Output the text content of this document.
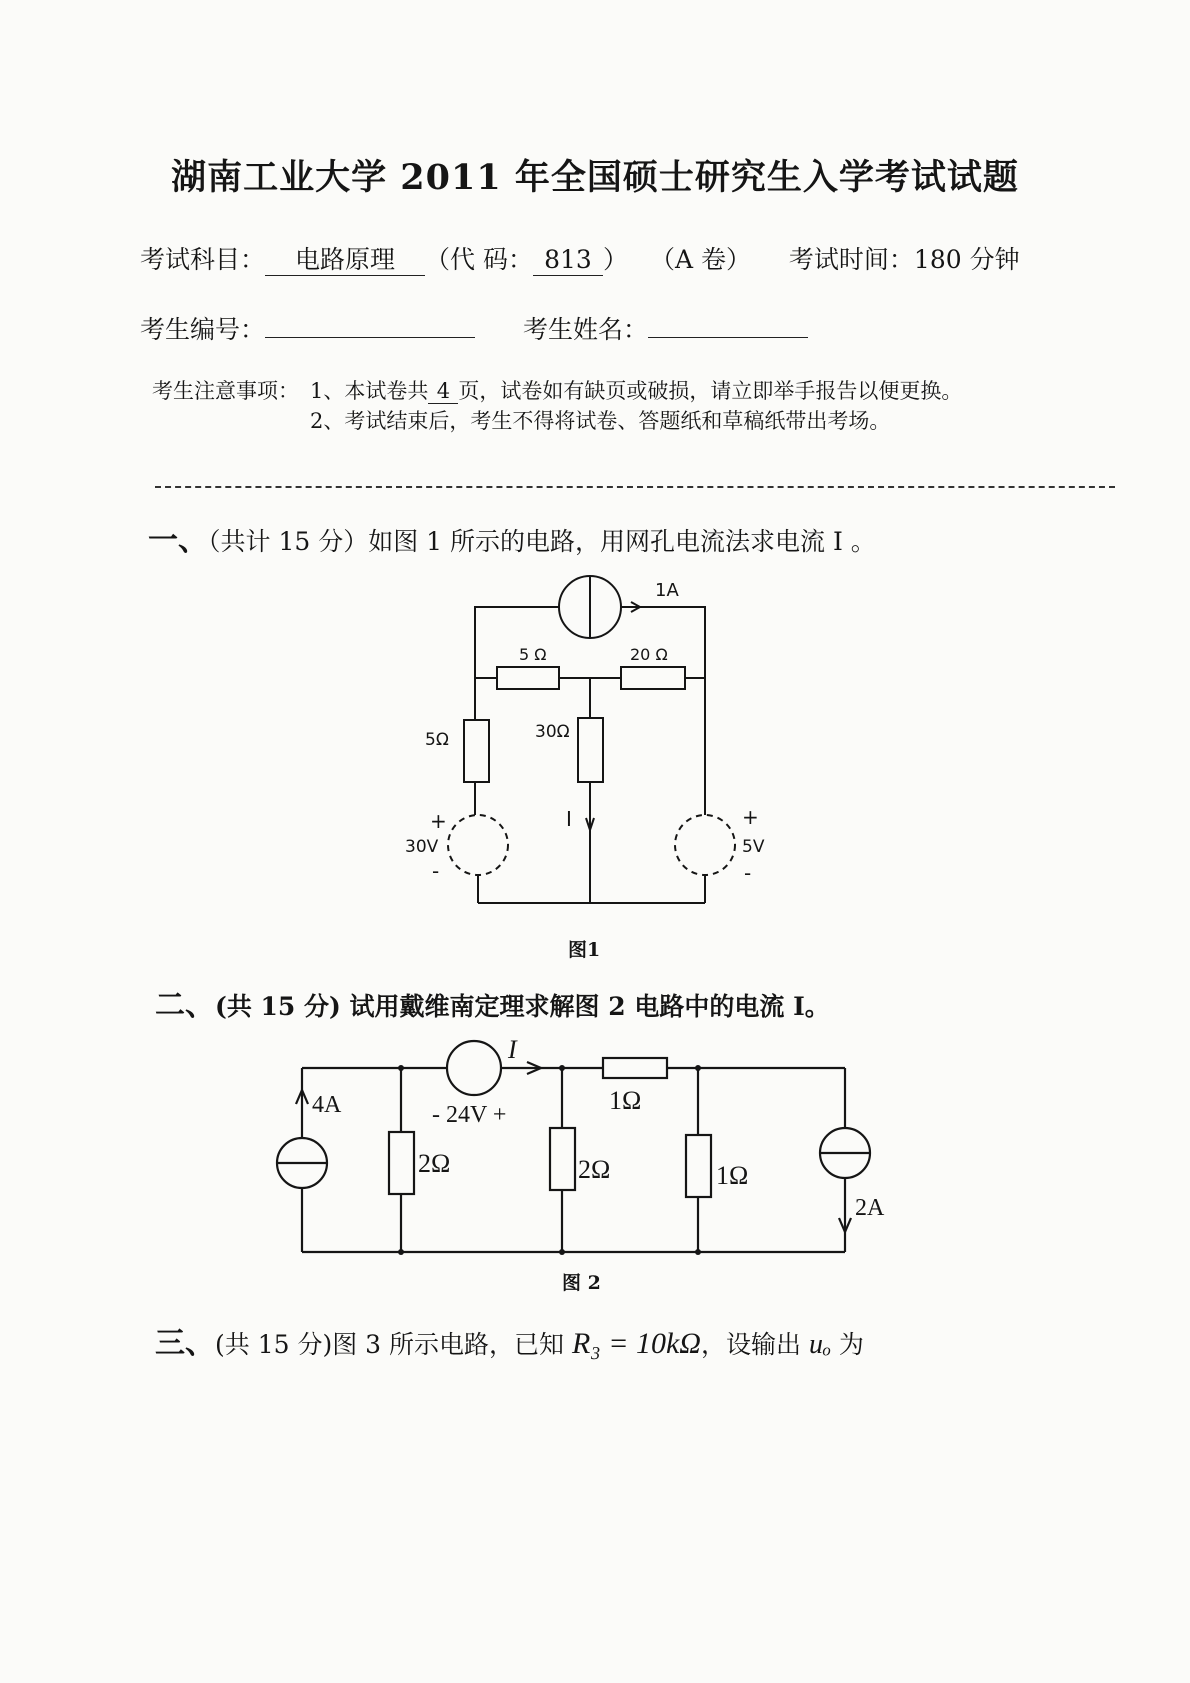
湖南工业大学 2011 年全国硕士研究生入学考试试题
考试科目： 电路原理 （代 码： 813 ） （A 卷） 考试时间：180 分钟
考生编号：	考生姓名：
考生注意事项： 1、本试卷共 4 页，试卷如有缺页或破损，请立即举手报告以便更换。
2、考试结束后，考生不得将试卷、答题纸和草稿纸带出考场。
一、（共计 15 分）如图 1 所示的电路，用网孔电流法求电流 I 。
1A
5 Ω	20 Ω
5Ω	30Ω
I
+
30V
-
+
5V
-
图1
二、(共 15 分) 试用戴维南定理求解图 2 电路中的电流 I。
I
- 24V +	1Ω
4A
2Ω	2Ω	1Ω
2A
图 2
三、(共 15 分)图 3 所示电路，已知 R₃ = 10kΩ，设输出 uₒ 为
